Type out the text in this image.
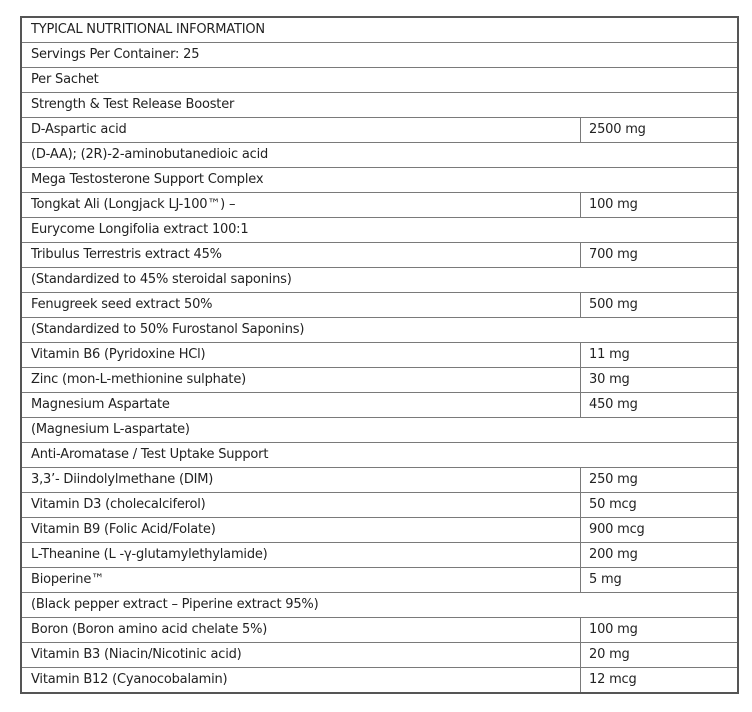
TYPICAL NUTRITIONAL INFORMATION
Servings Per Container: 25
Per Sachet
Strength & Test Release Booster
D-Aspartic acid	2500 mg
(D-AA); (2R)-2-aminobutanedioic acid
Mega Testosterone Support Complex
Tongkat Ali (Longjack LJ-100™) –	100 mg
Eurycome Longifolia extract 100:1
Tribulus Terrestris extract 45%	700 mg
(Standardized to 45% steroidal saponins)
Fenugreek seed extract 50%	500 mg
(Standardized to 50% Furostanol Saponins)
Vitamin B6 (Pyridoxine HCl)	11 mg
Zinc (mon-L-methionine sulphate)	30 mg
Magnesium Aspartate	450 mg
(Magnesium L-aspartate)
Anti-Aromatase / Test Uptake Support
3,3’- Diindolylmethane (DIM)	250 mg
Vitamin D3 (cholecalciferol)	50 mcg
Vitamin B9 (Folic Acid/Folate)	900 mcg
L-Theanine (L -γ-glutamylethylamide)	200 mg
Bioperine™	5 mg
(Black pepper extract – Piperine extract 95%)
Boron (Boron amino acid chelate 5%)	100 mg
Vitamin B3 (Niacin/Nicotinic acid)	20 mg
Vitamin B12 (Cyanocobalamin)	12 mcg
